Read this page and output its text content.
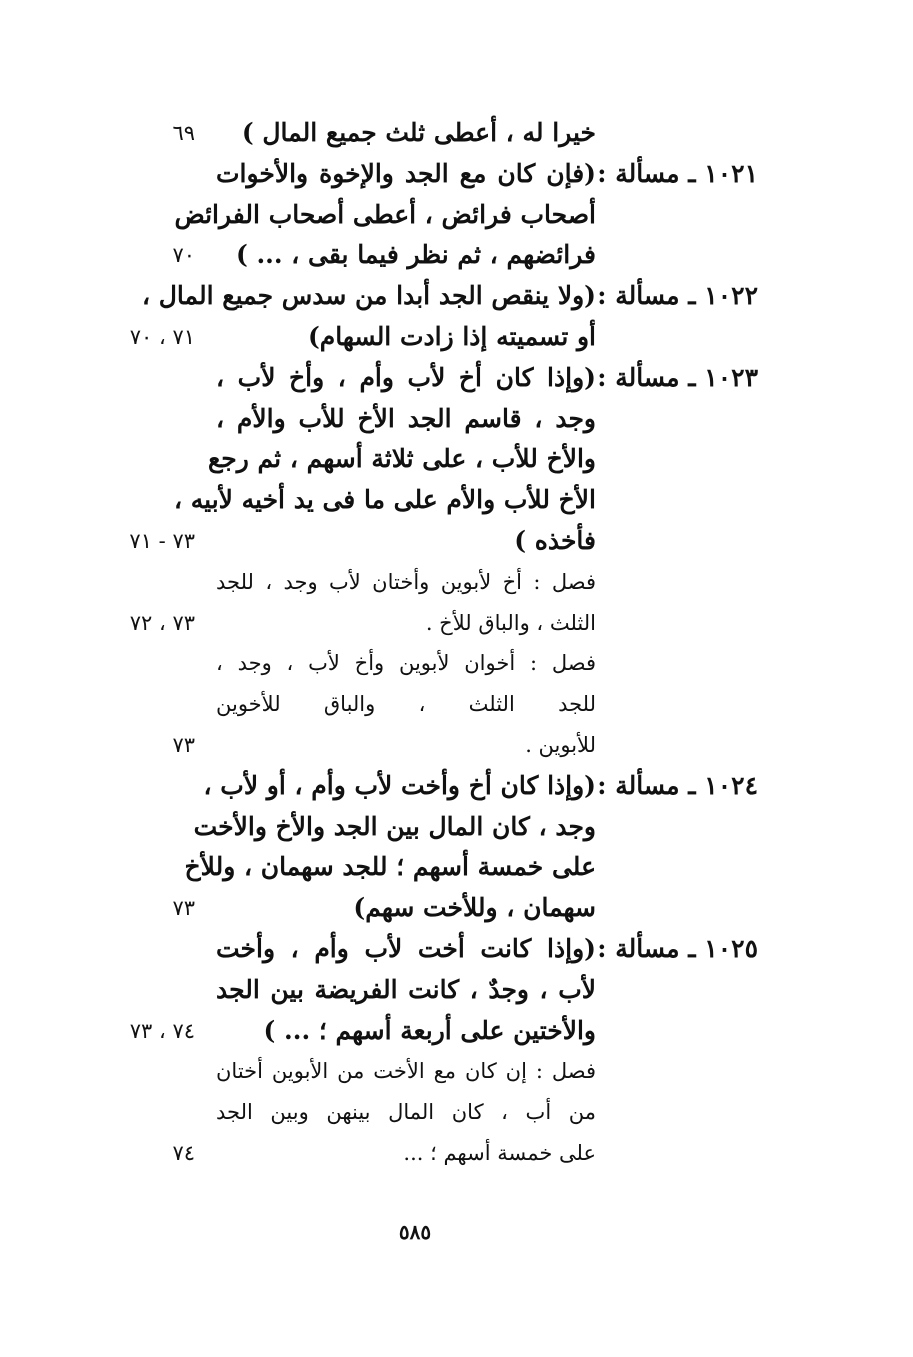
خيرا له ، أعطى ثلث جميع المال )
٦٩
١٠٢١ ـ مسألة :
(فإن كان مع الجد والإخوة والأخوات
أصحاب فرائض ، أعطى أصحاب الفرائض
فرائضهم ، ثم نظر فيما بقى ، ... )
٧٠
١٠٢٢ ـ مسألة :
(ولا ينقص الجد أبدا من سدس جميع المال ،
أو تسميته إذا زادت السهام)
٧١ ، ٧٠
١٠٢٣ ـ مسألة :
(وإذا كان أخ لأب وأم ، وأخ لأب ،
وجد ، قاسم الجد الأخ للأب والأم ،
والأخ للأب ، على ثلاثة أسهم ، ثم رجع
الأخ للأب والأم على ما فى يد أخيه لأبيه ،
فأخذه )
٧٣ - ٧١
فصل : أخ لأبوين وأختان لأب وجد ، للجد
الثلث ، والباق للأخ .
٧٣ ، ٧٢
فصل : أخوان لأبوين وأخ لأب ، وجد ،
للجد الثلث ، والباق للأخوين
للأبوين .
٧٣
١٠٢٤ ـ مسألة :
(وإذا كان أخ وأخت لأب وأم ، أو لأب ،
وجد ، كان المال بين الجد والأخ والأخت
على خمسة أسهم ؛ للجد سهمان ، وللأخ
سهمان ، وللأخت سهم)
٧٣
١٠٢٥ ـ مسألة :
(وإذا كانت أخت لأب وأم ، وأخت
لأب ، وجدٌ ، كانت الفريضة بين الجد
والأختين على أربعة أسهم ؛ ... )
٧٤ ، ٧٣
فصل : إن كان مع الأخت من الأبوين أختان
من أب ، كان المال بينهن وبين الجد
على خمسة أسهم ؛ ...
٧٤
٥٨٥
